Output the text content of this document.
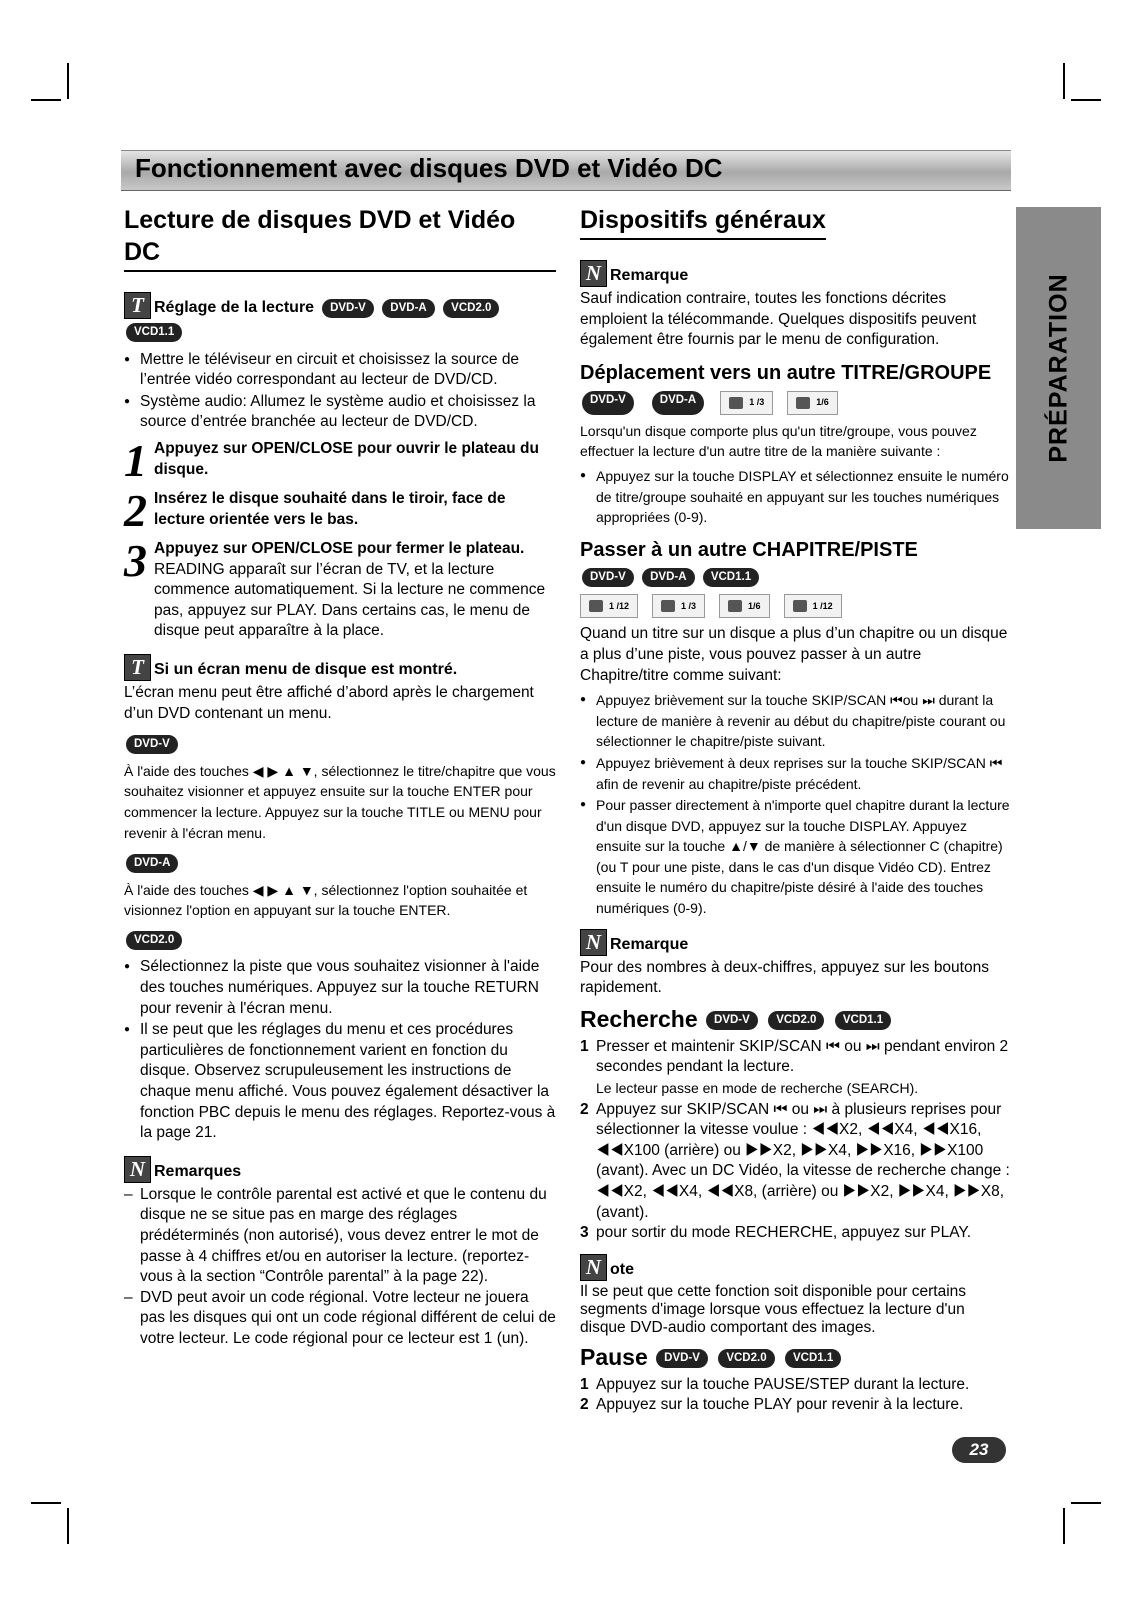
Fonctionnement avec disques DVD et Vidéo DC
PRÉPARATION
Lecture de disques DVD et Vidéo DC
T Réglage de la lecture	DVD-V DVD-A VCD2.0
VCD1.1
● Mettre le téléviseur en circuit et choisissez la source de l’entrée vidéo correspondant au lecteur de DVD/CD.
● Système audio: Allumez le système audio et choisissez la source d’entrée branchée au lecteur de DVD/CD.
1 Appuyez sur OPEN/CLOSE pour ouvrir le plateau du disque.
2 Insérez le disque souhaité dans le tiroir, face de lecture orientée vers le bas.
3 Appuyez sur OPEN/CLOSE pour fermer le plateau.
READING apparaît sur l’écran de TV, et la lecture commence automatiquement. Si la lecture ne commence pas, appuyez sur PLAY. Dans certains cas, le menu de disque peut apparaître à la place.
T Si un écran menu de disque est montré.

L’écran menu peut être affiché d’abord après le chargement d’un DVD contenant un menu.

DVD-V

À l'aide des touches ◀ ▶ ▲ ▼, sélectionnez le titre/chapitre que vous souhaitez visionner et appuyez ensuite sur la touche ENTER pour commencer la lecture. Appuyez sur la touche TITLE ou MENU pour revenir à l'écran menu.

DVD-A

À l'aide des touches ◀ ▶ ▲ ▼, sélectionnez l'option souhaitée et visionnez l'option en appuyant sur la touche ENTER.

VCD2.0
● Sélectionnez la piste que vous souhaitez visionner à l'aide des touches numériques. Appuyez sur la touche RETURN pour revenir à l'écran menu.
● Il se peut que les réglages du menu et ces procédures particulières de fonctionnement varient en fonction du disque. Observez scrupuleusement les instructions de chaque menu affiché. Vous pouvez également désactiver la fonction PBC depuis le menu des réglages. Reportez-vous à la page 21.
N Remarques
– Lorsque le contrôle parental est activé et que le contenu du disque ne se situe pas en marge des réglages prédéterminés (non autorisé), vous devez entrer le mot de passe à 4 chiffres et/ou en autoriser la lecture. (reportez-vous à la section “Contrôle parental” à la page 22).
– DVD peut avoir un code régional. Votre lecteur ne jouera pas les disques qui ont un code régional différent de celui de votre lecteur. Le code régional pour ce lecteur est 1 (un).
Dispositifs généraux
N Remarque

Sauf indication contraire, toutes les fonctions décrites emploient la télécommande. Quelques dispositifs peuvent également être fournis par le menu de configuration.

Déplacement vers un autre TITRE/GROUPE
DVD-V	DVD-A	1 /3	1/6

Lorsqu'un disque comporte plus qu'un titre/groupe, vous pouvez effectuer la lecture d'un autre titre de la manière suivante :

● Appuyez sur la touche DISPLAY et sélectionnez ensuite le numéro de titre/groupe souhaité en appuyant sur les touches numériques appropriées (0-9).
Passer à un autre CHAPITRE/PISTE
DVD-V DVD-A VCD1.1
1 /12	1 /3	1/6	1 /12

Quand un titre sur un disque a plus d’un chapitre ou un disque a plus d’une piste, vous pouvez passer à un autre Chapitre/titre comme suivant:

● Appuyez brièvement sur la touche SKIP/SCAN ⏮ou ⏭ durant la lecture de manière à revenir au début du chapitre/piste courant ou sélectionner le chapitre/piste suivant.
● Appuyez brièvement à deux reprises sur la touche SKIP/SCAN ⏮ afin de revenir au chapitre/piste précédent.
● Pour passer directement à n'importe quel chapitre durant la lecture d'un disque DVD, appuyez sur la touche DISPLAY. Appuyez ensuite sur la touche ▲/▼ de manière à sélectionner C (chapitre) (ou T pour une piste, dans le cas d'un disque Vidéo CD). Entrez ensuite le numéro du chapitre/piste désiré à l'aide des touches numériques (0-9).
N Remarque

Pour des nombres à deux-chiffres, appuyez sur les boutons rapidement.

Recherche DVD-V VCD2.0 VCD1.1
1 Presser et maintenir SKIP/SCAN ⏮ ou ⏭ pendant environ 2 secondes pendant la lecture.
Le lecteur passe en mode de recherche (SEARCH).
2 Appuyez sur SKIP/SCAN ⏮ ou ⏭ à plusieurs reprises pour sélectionner la vitesse voulue : ◀◀X2, ◀◀X4, ◀◀X16, ◀◀X100 (arrière) ou ▶▶X2, ▶▶X4, ▶▶X16, ▶▶X100 (avant). Avec un DC Vidéo, la vitesse de recherche change : ◀◀X2, ◀◀X4, ◀◀X8, (arrière) ou ▶▶X2, ▶▶X4, ▶▶X8, (avant).
3 pour sortir du mode RECHERCHE, appuyez sur PLAY.
N ote

Il se peut que cette fonction soit disponible pour certains segments d'image lorsque vous effectuez la lecture d'un disque DVD-audio comportant des images.

Pause DVD-V VCD2.0 VCD1.1
1 Appuyez sur la touche PAUSE/STEP durant la lecture.
2 Appuyez sur la touche PLAY pour revenir à la lecture.
23
